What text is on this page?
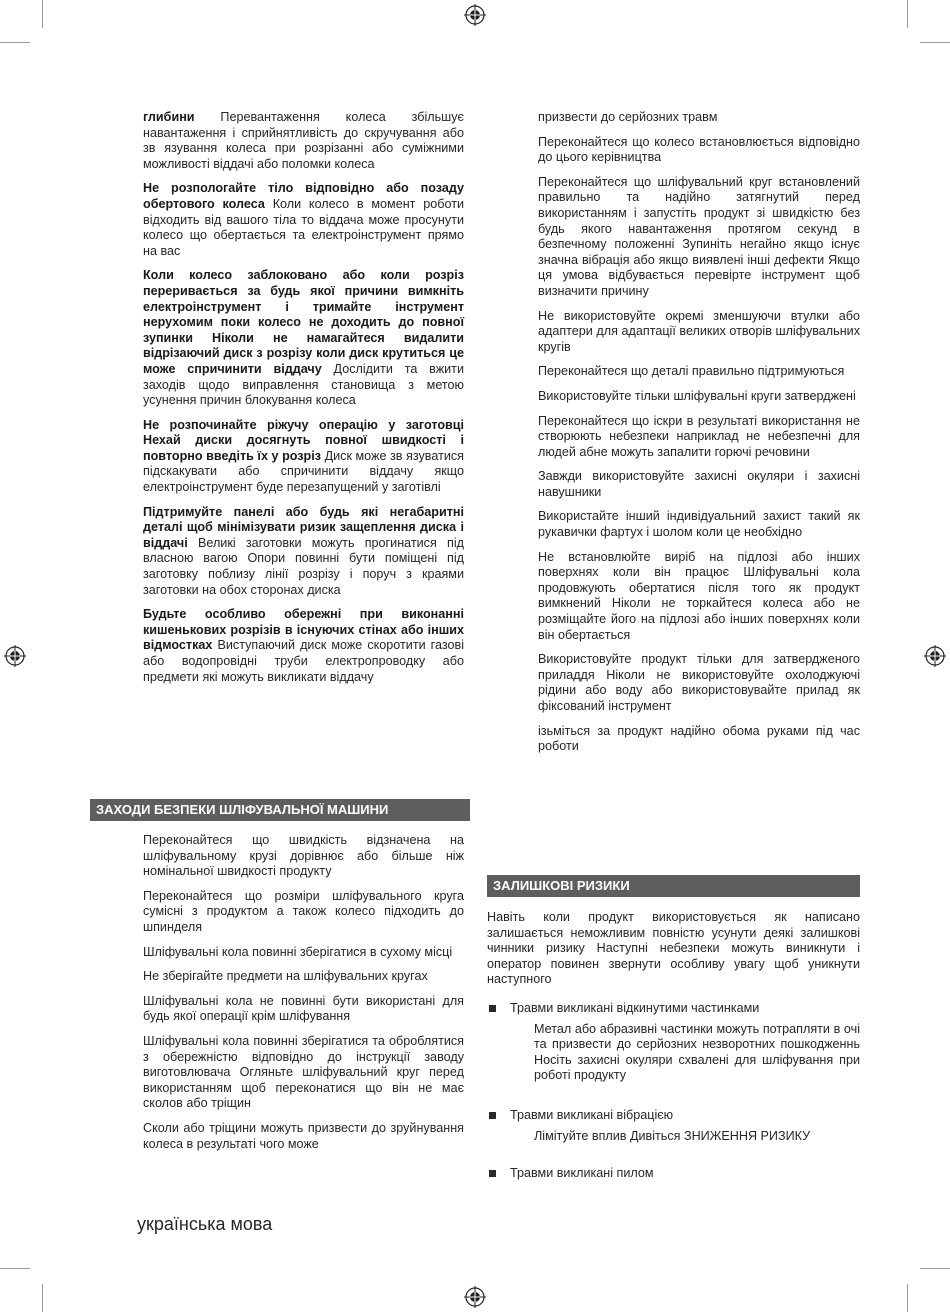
глибини Перевантаження колеса збільшує навантаження і сприйнятливість до скручування або зв язування колеса при розрізанні або суміжними можливості віддачі або поломки колеса

Не розпологайте тіло відповідно або позаду обертового колеса Коли колесо в момент роботи відходить від вашого тіла то віддача може просунути колесо що обертається та електроінструмент прямо на вас

Коли колесо заблоковано або коли розріз переривається за будь якої причини вимкніть електроінструмент і тримайте інструмент нерухомим поки колесо не доходить до повної зупинки Ніколи не намагайтеся видалити відрізаючий диск з розрізу коли диск крутиться це може спричинити віддачу Дослідити та вжити заходів щодо виправлення становища з метою усунення причин блокування колеса

Не розпочинайте ріжучу операцію у заготовці Нехай диски досягнуть повної швидкості і повторно введіть їх у розріз Диск може зв язуватися підскакувати або спричинити віддачу якщо електроінструмент буде перезапущений у заготівлі

Підтримуйте панелі або будь які негабаритні деталі щоб мінімізувати ризик защеплення диска і віддачі Великі заготовки можуть прогинатися під власною вагою Опори повинні бути поміщені під заготовку поблизу лінії розрізу і поруч з краями заготовки на обох сторонах диска

Будьте особливо обережні при виконанні кишенькових розрізів в існуючих стінах або інших відмостках Виступаючий диск може скоротити газові або водопровідні труби електропроводку або предмети які можуть викликати віддачу

ЗАХОДИ БЕЗПЕКИ ШЛІФУВАЛЬНОЇ МАШИНИ

Переконайтеся що швидкість відзначена на шліфувальному крузі дорівнює або більше ніж номінальної швидкості продукту

Переконайтеся що розміри шліфувального круга сумісні з продуктом а також колесо підходить до шпинделя

Шліфувальні кола повинні зберігатися в сухому місці

Не зберігайте предмети на шліфувальних кругах

Шліфувальні кола не повинні бути використані для будь якої операції крім шліфування

Шліфувальні кола повинні зберігатися та оброблятися з обережністю відповідно до інструкції заводу виготовлювача Огляньте шліфувальний круг перед використанням щоб переконатися що він не має сколов або тріщин

Сколи або тріщини можуть призвести до зруйнування колеса в результаті чого може

призвести до серйозних травм

Переконайтеся що колесо встановлюється відповідно до цього керівництва

Переконайтеся що шліфувальний круг встановлений правильно та надійно затягнутий перед використанням і запустіть продукт зі швидкістю без будь якого навантаження протягом секунд в безпечному положенні Зупиніть негайно якщо існує значна вібрація або якщо виявлені інші дефекти Якщо ця умова відбувається перевірте інструмент щоб визначити причину

Не використовуйте окремі зменшуючи втулки або адаптери для адаптації великих отворів шліфувальних кругів

Переконайтеся що деталі правильно підтримуються

Використовуйте тільки шліфувальні круги затверджені

Переконайтеся що іскри в результаті використання не створюють небезпеки наприклад не небезпечні для людей абне можуть запалити горючі речовини

Завжди використовуйте захисні окуляри і захисні навушники

Використайте інший індивідуальний захист такий як рукавички фартух і шолом коли це необхідно

Не встановлюйте виріб на підлозі або інших поверхнях коли він працює Шліфувальні кола продовжують обертатися після того як продукт вимкнений Ніколи не торкайтеся колеса або не розміщайте його на підлозі або інших поверхнях коли він обертається

Використовуйте продукт тільки для затвердженого приладдя Ніколи не використовуйте охолоджуючі рідини або воду або використовувайте прилад як фіксований інструмент

ізьміться за продукт надійно обома руками під час роботи

ЗАЛИШКОВІ РИЗИКИ
Навіть коли продукт використовується як написано залишається неможливим повністю усунути деякі залишкові чинники ризику Наступні небезпеки можуть виникнути і оператор повинен звернути особливу увагу щоб уникнути наступного
Травми викликані відкинутими частинками
Метал або абразивні частинки можуть потрапляти в очі та призвести до серйозних незворотних пошкодженнь Носіть захисні окуляри схвалені для шліфування при роботі продукту
Травми викликані вібрацією
Лімітуйте вплив Дивіться ЗНИЖЕННЯ РИЗИКУ
Травми викликані пилом
українська мова
